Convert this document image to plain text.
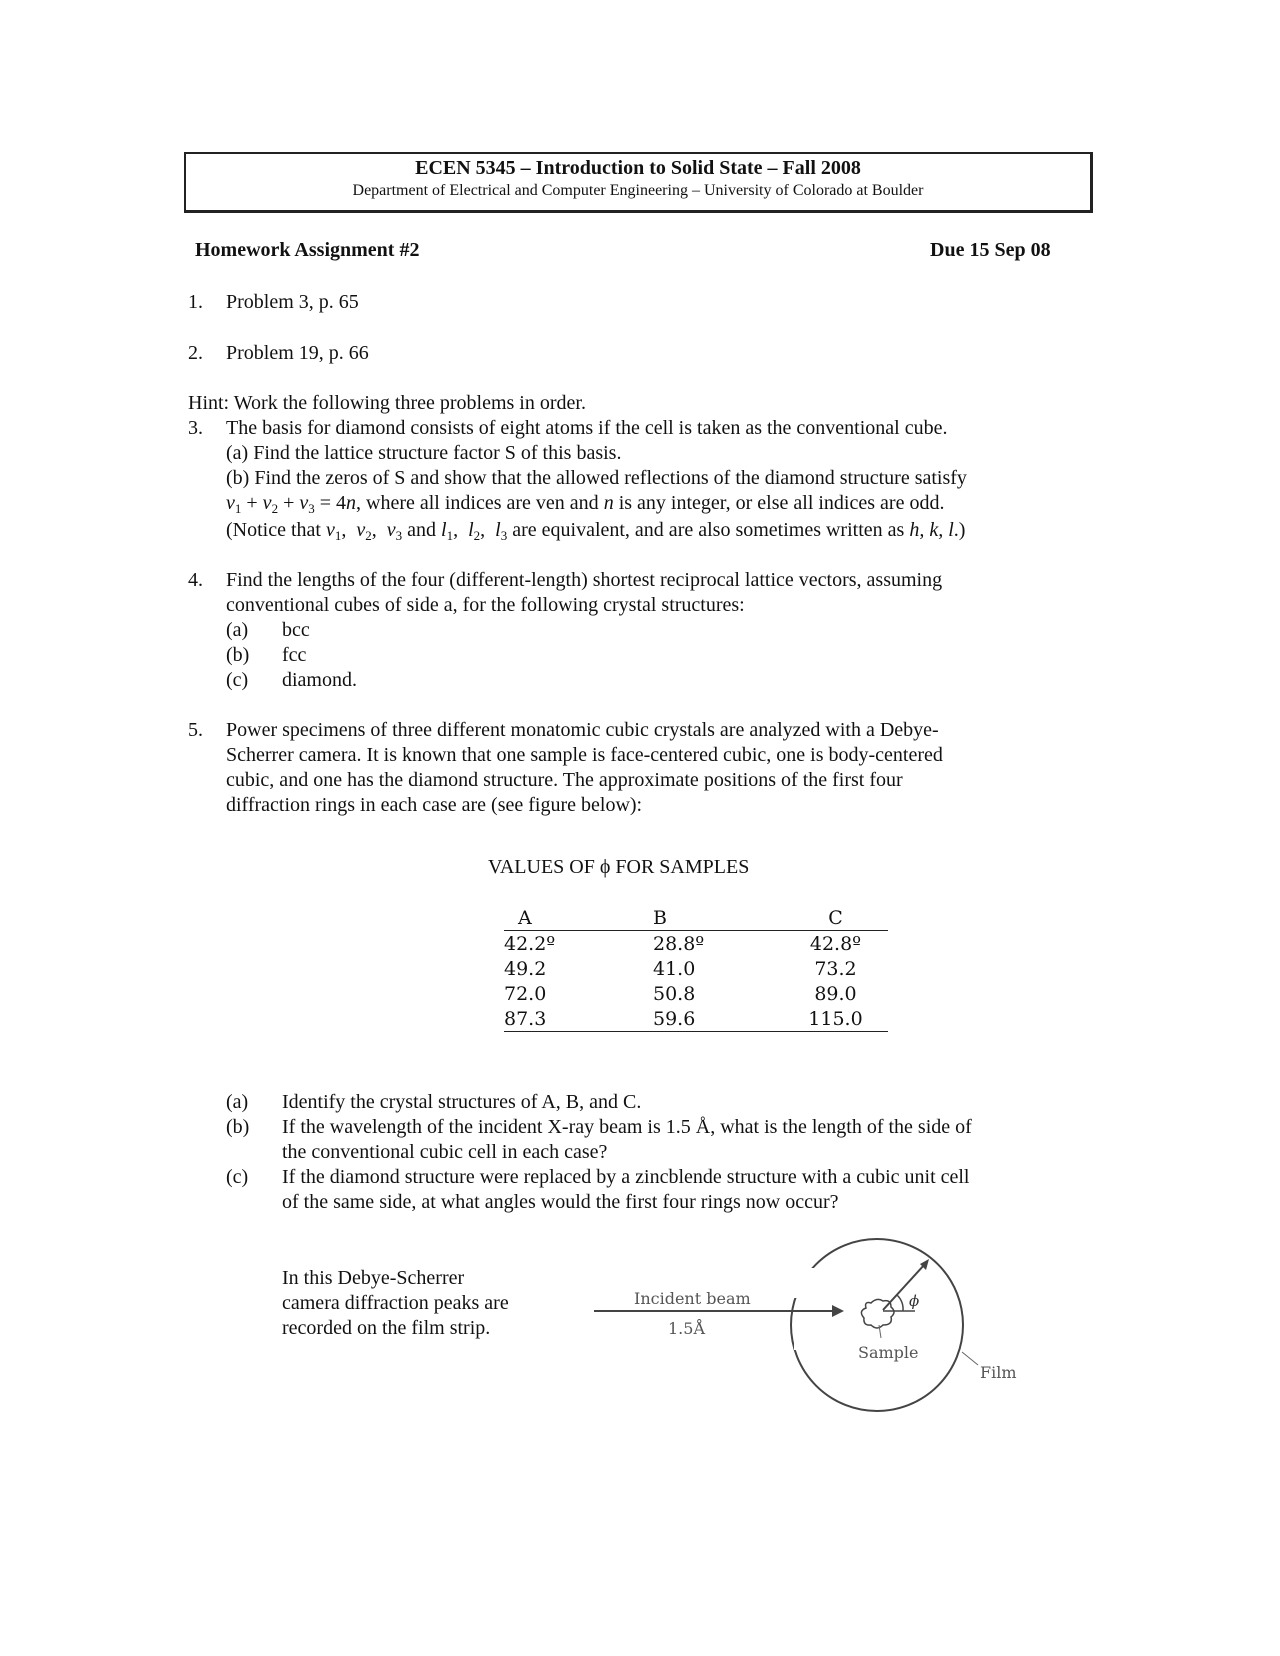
ECEN 5345 – Introduction to Solid State – Fall 2008
Department of Electrical and Computer Engineering – University of Colorado at Boulder
Homework Assignment #2	Due 15 Sep 08
1. Problem 3, p. 65
2. Problem 19, p. 66
Hint: Work the following three problems in order.
3. The basis for diamond consists of eight atoms if the cell is taken as the conventional cube.
(a) Find the lattice structure factor S of this basis.
(b) Find the zeros of S and show that the allowed reflections of the diamond structure satisfy
$v_1 + v_2 + v_3 = 4n$, where all indices are ven and n is any integer, or else all indices are odd.
(Notice that $v_1$,  $v_2$,  $v_3$ and $l_1$,  $l_2$,  $l_3$ are equivalent, and are also sometimes written as h, k, l.)
4. Find the lengths of the four (different-length) shortest reciprocal lattice vectors, assuming
conventional cubes of side a, for the following crystal structures:
(a) bcc
(b) fcc
(c) diamond.
5. Power specimens of three different monatomic cubic crystals are analyzed with a Debye-
Scherrer camera. It is known that one sample is face-centered cubic, one is body-centered
cubic, and one has the diamond structure. The approximate positions of the first four
diffraction rings in each case are (see figure below):
VALUES OF ϕ FOR SAMPLES
A	B	C
42.2º	28.8º	42.8º
49.2	41.0	73.2
72.0	50.8	89.0
87.3	59.6	115.0
(a) Identify the crystal structures of A, B, and C.
(b) If the wavelength of the incident X-ray beam is 1.5 Å, what is the length of the side of
the conventional cubic cell in each case?
(c) If the diamond structure were replaced by a zincblende structure with a cubic unit cell
of the same side, at what angles would the first four rings now occur?
In this Debye-Scherrer
camera diffraction peaks are
recorded on the film strip.
Incident beam
1.5Å
Sample
Film
ϕ
